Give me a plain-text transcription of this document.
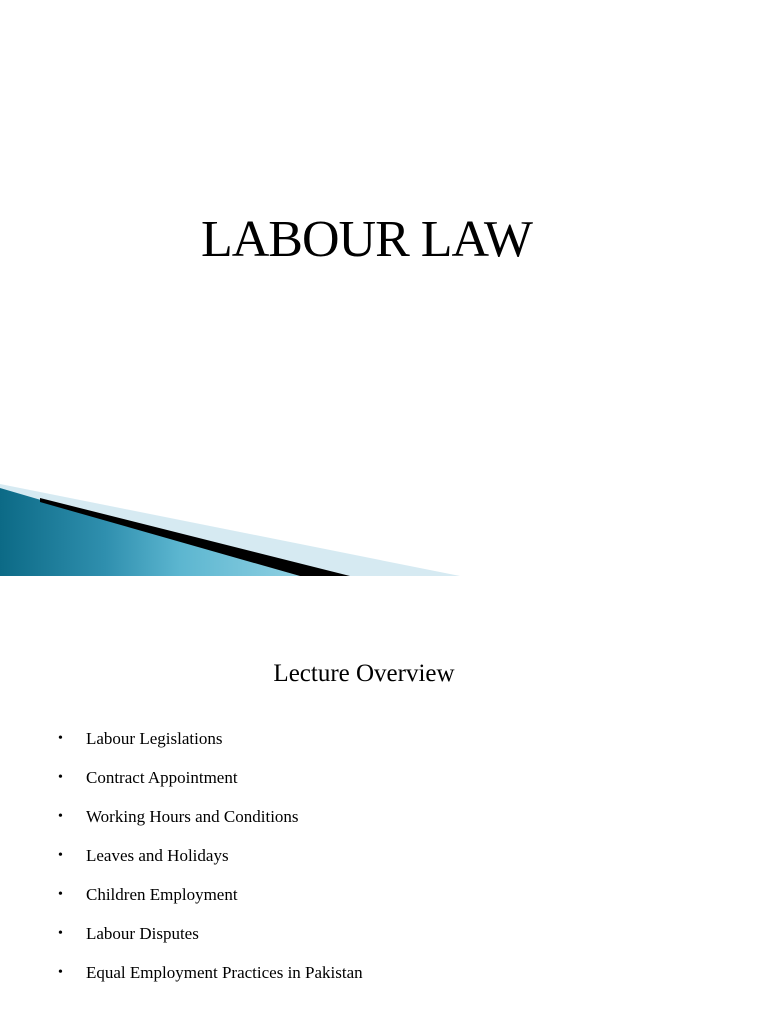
LABOUR LAW
Lecture Overview
• Labour Legislations
• Contract Appointment
• Working Hours and Conditions
• Leaves and Holidays
• Children Employment
• Labour Disputes
• Equal Employment Practices in Pakistan
